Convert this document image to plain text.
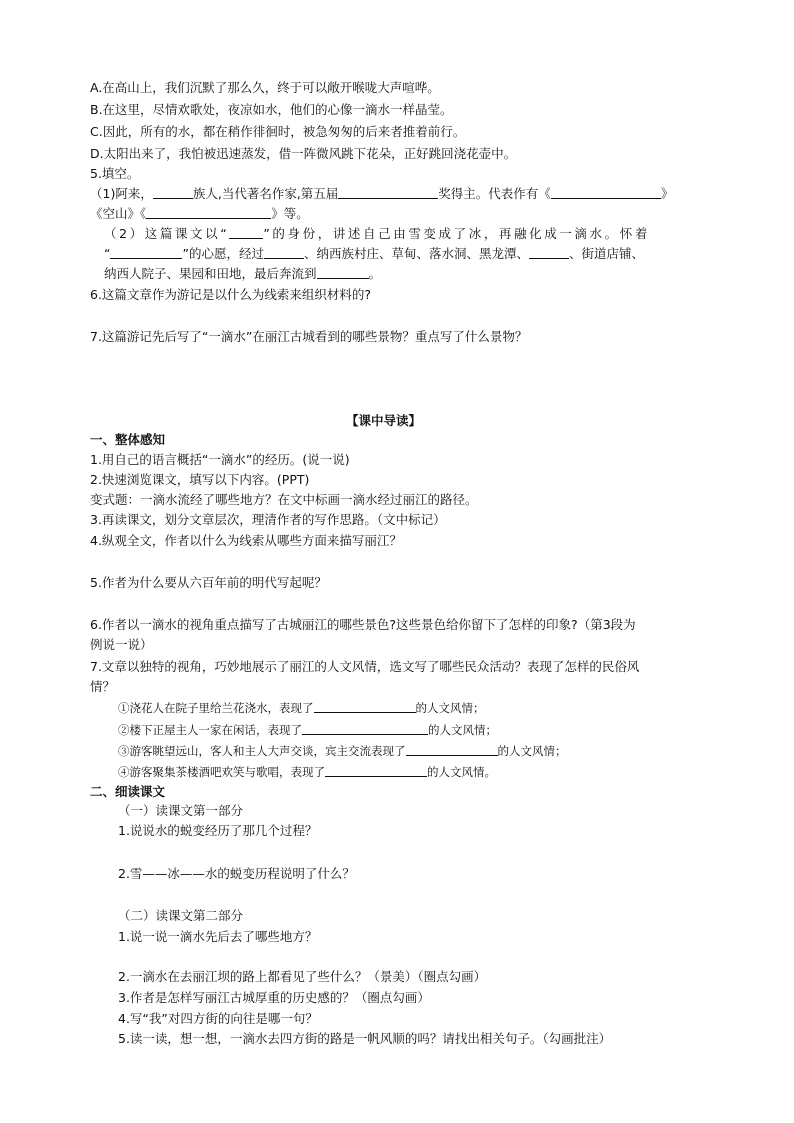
A.在高山上，我们沉默了那么久，终于可以敞开喉咙大声喧哗。
B.在这里，尽情欢歌处，夜凉如水，他们的心像一滴水一样晶莹。
C.因此，所有的水，都在稍作徘徊时，被急匆匆的后来者推着前行。
D.太阳出来了，我怕被迅速蒸发，借一阵微风跳下花朵，正好跳回浇花壶中。
5.填空。
（1)阿来，	族人,当代著名作家,第五届	奖得主。代表作有《	》
《空山》《	》等。
（2）这篇课文以“	”的身份，讲述自己由雪变成了冰，再融化成一滴水。怀着
“	”的心愿，经过	、纳西族村庄、草甸、落水洞、黑龙潭、	、街道店铺、
纳西人院子、果园和田地，最后奔流到	。
6.这篇文章作为游记是以什么为线索来组织材料的?
7.这篇游记先后写了“一滴水”在丽江古城看到的哪些景物？重点写了什么景物？
【课中导读】
一、整体感知
1.用自己的语言概括“一滴水”的经历。(说一说)
2.快速浏览课文，填写以下内容。(PPT)
变式题：一滴水流经了哪些地方？在文中标画一滴水经过丽江的路径。
3.再读课文，划分文章层次，理清作者的写作思路。（文中标记）
4.纵观全文，作者以什么为线索从哪些方面来描写丽江？
5.作者为什么要从六百年前的明代写起呢？
6.作者以一滴水的视角重点描写了古城丽江的哪些景色?这些景色给你留下了怎样的印象?（第3段为
例说一说）
7.文章以独特的视角，巧妙地展示了丽江的人文风情，选文写了哪些民众活动？表现了怎样的民俗风
情？
①浇花人在院子里给兰花浇水，表现了	的人文风情；
②楼下正屋主人一家在闲话，表现了	的人文风情；
③游客眺望远山，客人和主人大声交谈，宾主交流表现了	的人文风情；
④游客聚集茶楼酒吧欢笑与歌唱，表现了	的人文风情。
二、细读课文
（一）读课文第一部分
1.说说水的蜕变经历了那几个过程？
2.雪——冰——水的蜕变历程说明了什么？
（二）读课文第二部分
1.说一说一滴水先后去了哪些地方？
2.一滴水在去丽江坝的路上都看见了些什么？（景美）（圈点勾画）
3.作者是怎样写丽江古城厚重的历史感的？（圈点勾画）
4.写“我”对四方街的向往是哪一句？
5.读一读，想一想，一滴水去四方街的路是一帆风顺的吗？请找出相关句子。（勾画批注）
